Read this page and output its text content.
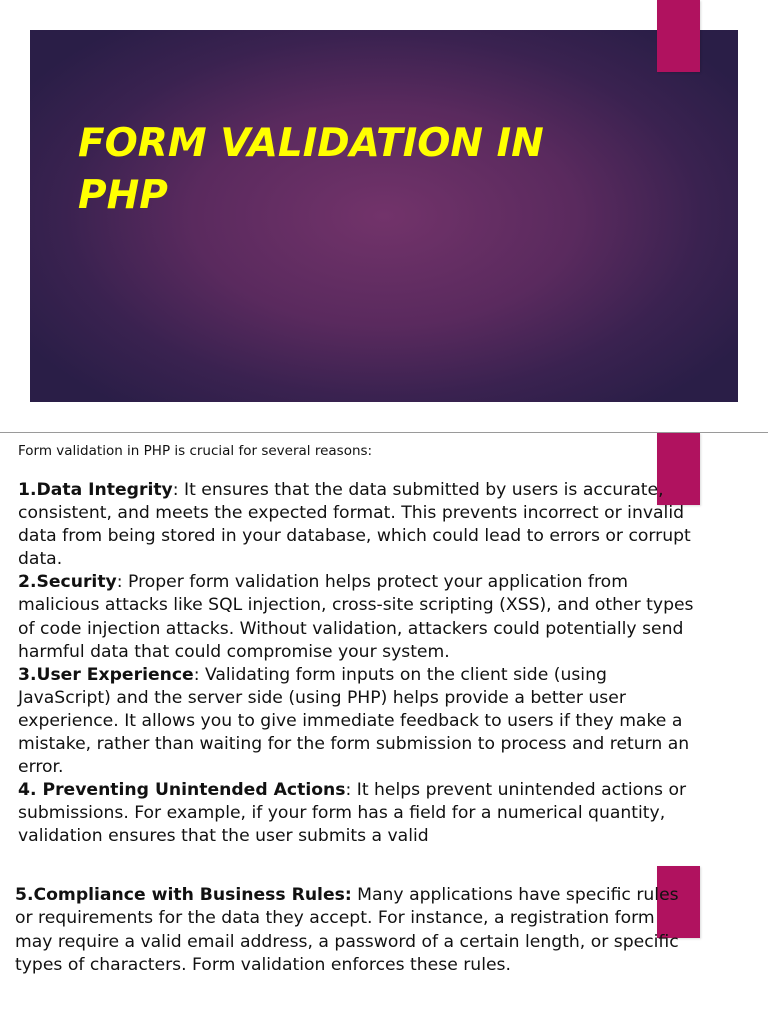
FORM VALIDATION IN
PHP

Form validation in PHP is crucial for several reasons:

1.Data Integrity: It ensures that the data submitted by users is accurate, consistent, and meets the expected format. This prevents incorrect or invalid data from being stored in your database, which could lead to errors or corrupt data.
2.Security: Proper form validation helps protect your application from malicious attacks like SQL injection, cross-site scripting (XSS), and other types of code injection attacks. Without validation, attackers could potentially send harmful data that could compromise your system.
3.User Experience: Validating form inputs on the client side (using JavaScript) and the server side (using PHP) helps provide a better user experience. It allows you to give immediate feedback to users if they make a mistake, rather than waiting for the form submission to process and return an error.
4. Preventing Unintended Actions: It helps prevent unintended actions or submissions. For example, if your form has a field for a numerical quantity, validation ensures that the user submits a valid

5.Compliance with Business Rules: Many applications have specific rules or requirements for the data they accept. For instance, a registration form may require a valid email address, a password of a certain length, or specific types of characters. Form validation enforces these rules.
